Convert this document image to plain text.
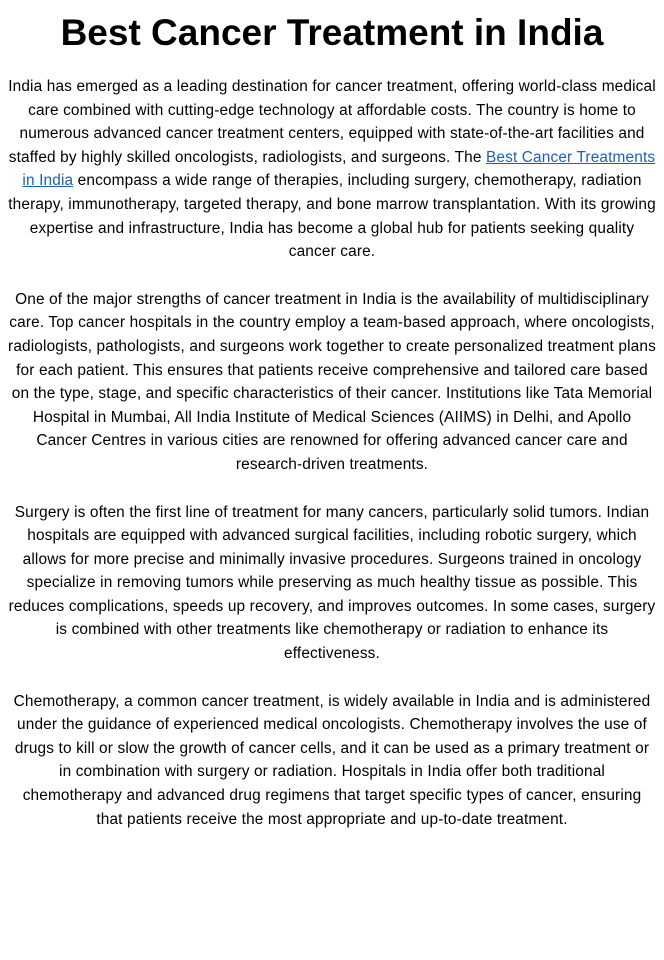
Best Cancer Treatment in India

India has emerged as a leading destination for cancer treatment, offering world-class medical care combined with cutting-edge technology at affordable costs. The country is home to numerous advanced cancer treatment centers, equipped with state-of-the-art facilities and staffed by highly skilled oncologists, radiologists, and surgeons. The Best Cancer Treatments in India encompass a wide range of therapies, including surgery, chemotherapy, radiation therapy, immunotherapy, targeted therapy, and bone marrow transplantation. With its growing expertise and infrastructure, India has become a global hub for patients seeking quality cancer care.

One of the major strengths of cancer treatment in India is the availability of multidisciplinary care. Top cancer hospitals in the country employ a team-based approach, where oncologists, radiologists, pathologists, and surgeons work together to create personalized treatment plans for each patient. This ensures that patients receive comprehensive and tailored care based on the type, stage, and specific characteristics of their cancer. Institutions like Tata Memorial Hospital in Mumbai, All India Institute of Medical Sciences (AIIMS) in Delhi, and Apollo Cancer Centres in various cities are renowned for offering advanced cancer care and research-driven treatments.

Surgery is often the first line of treatment for many cancers, particularly solid tumors. Indian hospitals are equipped with advanced surgical facilities, including robotic surgery, which allows for more precise and minimally invasive procedures. Surgeons trained in oncology specialize in removing tumors while preserving as much healthy tissue as possible. This reduces complications, speeds up recovery, and improves outcomes. In some cases, surgery is combined with other treatments like chemotherapy or radiation to enhance its effectiveness.

Chemotherapy, a common cancer treatment, is widely available in India and is administered under the guidance of experienced medical oncologists. Chemotherapy involves the use of drugs to kill or slow the growth of cancer cells, and it can be used as a primary treatment or in combination with surgery or radiation. Hospitals in India offer both traditional chemotherapy and advanced drug regimens that target specific types of cancer, ensuring that patients receive the most appropriate and up-to-date treatment.
